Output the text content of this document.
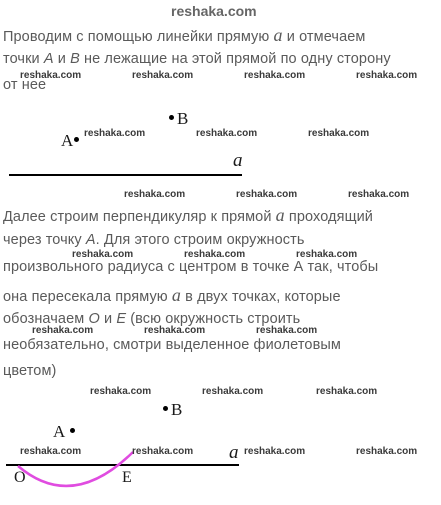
reshaka.com
Проводим с помощью линейки прямую a и отмечаем
точки A и B не лежащие на этой прямой по одну сторону
от нее
reshaka.com	reshaka.com	reshaka.com	reshaka.com
B
A
a
reshaka.com	reshaka.com	reshaka.com
reshaka.com	reshaka.com	reshaka.com
Далее строим перпендикуляр к прямой a проходящий
через точку A. Для этого строим окружность
произвольного радиуса с центром в точке А так, чтобы
она пересекала прямую a в двух точках, которые
обозначаем O и E (всю окружность строить
необязательно, смотри выделенное фиолетовым
цветом)
reshaka.com	reshaka.com	reshaka.com
reshaka.com	reshaka.com	reshaka.com
reshaka.com	reshaka.com	reshaka.com
B
A
a
O	E
reshaka.com	reshaka.com	reshaka.com	reshaka.com
